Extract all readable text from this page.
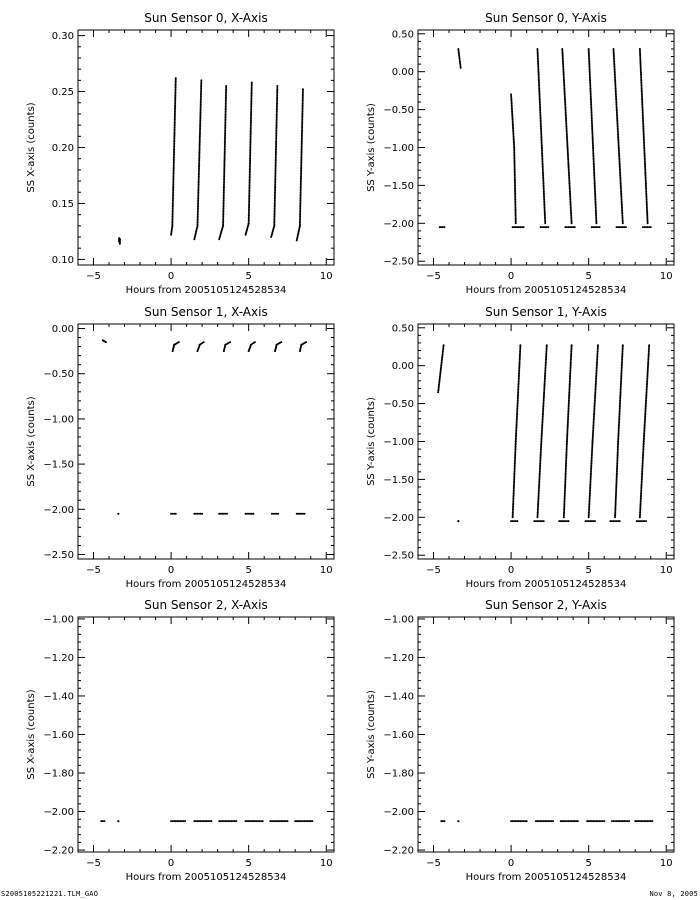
Sun Sensor 0, X-Axis
−5	0	5	10
0.10
0.15
0.20
0.25
0.30
Hours from 20051051245285​34
SS X-axis (counts)
Sun Sensor 0, Y-Axis
−5	0	5	10
0.50
0.00
−0.50
−1.00
−1.50
−2.00
−2.50
Hours from 20051051245285​34
SS Y-axis (counts)
Sun Sensor 1, X-Axis
−5	0	5	10
0.00
−0.50
−1.00
−1.50
−2.00
−2.50
Hours from 20051051245285​34
SS X-axis (counts)
Sun Sensor 1, Y-Axis
−5	0	5	10
0.50
0.00
−0.50
−1.00
−1.50
−2.00
−2.50
Hours from 20051051245285​34
SS Y-axis (counts)
Sun Sensor 2, X-Axis
−5	0	5	10
−1.00
−1.20
−1.40
−1.60
−1.80
−2.00
−2.20
Hours from 20051051245285​34
SS X-axis (counts)
Sun Sensor 2, Y-Axis
−5	0	5	10
−1.00
−1.20
−1.40
−1.60
−1.80
−2.00
−2.20
Hours from 20051051245285​34
SS Y-axis (counts)
S2005105221221.TLM_GAO	Nov 8, 2005
